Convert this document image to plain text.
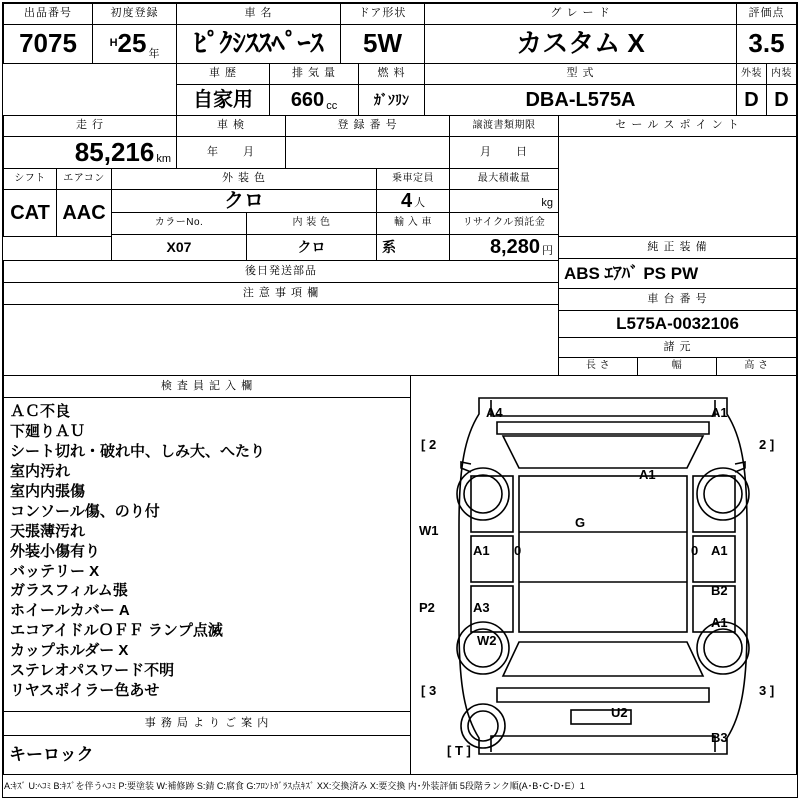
出品番号
7075
初度登録
H 25 年
車 名
ﾋﾟｸｼｽｽﾍﾟｰｽ
ドア形状
5W
グ レ ー ド
カスタム X
評価点
3.5
車 歴
自家用
排 気 量
660 cc
燃 料
ｶﾞｿﾘﾝ
型 式
DBA-L575A
外装 内装
D D
走 行
85,216 km
車 検
年 月
登 録 番 号	譲渡書類期限
月 日
セ ー ル ス ポ イ ン ト
シフト	エアコン
CAT AAC
外 装 色
クロ
乗車定員
4 人
最大積載量
kg
カラーNo.	内 装 色	輸 入 車	リサイクル預託金
X07	クロ	系	8,280 円
後日発送部品
純 正 装 備
ABS ｴｱﾊﾞ PS PW
注 意 事 項 欄	車 台 番 号
L575A-0032106
諸 元
長 さ	幅	高 さ
検 査 員 記 入 欄
ＡＣ不良
下廻りＡＵ
シート切れ・破れ中、しみ大、へたり
室内汚れ
室内内張傷
コンソール傷、のり付
天張薄汚れ
外装小傷有り
バッテリー X
ガラスフィルム張
ホイールカバー A
エコアイドルＯＦＦ ランプ点滅
カップホルダー X
ステレオパスワード不明
リヤスポイラー色あせ
事 務 局 よ り ご 案 内
キーロック
A4	A1
[ 2	2 ]
A1
G
W1
A1 0	0 A1
B2
P2	A3
A1
W2
[ 3	3 ]
U2
B3
[ T ]
A:ｷｽﾞ U:ﾍｺﾐ B:ｷｽﾞを伴うﾍｺﾐ P:要塗装 W:補修跡 S:錆 C:腐食 G:ﾌﾛﾝﾄｶﾞﾗｽ点ｷｽﾞ XX:交換済み X:要交換 内･外装評価 5段階ランク順(A･B･C･D･E）1
